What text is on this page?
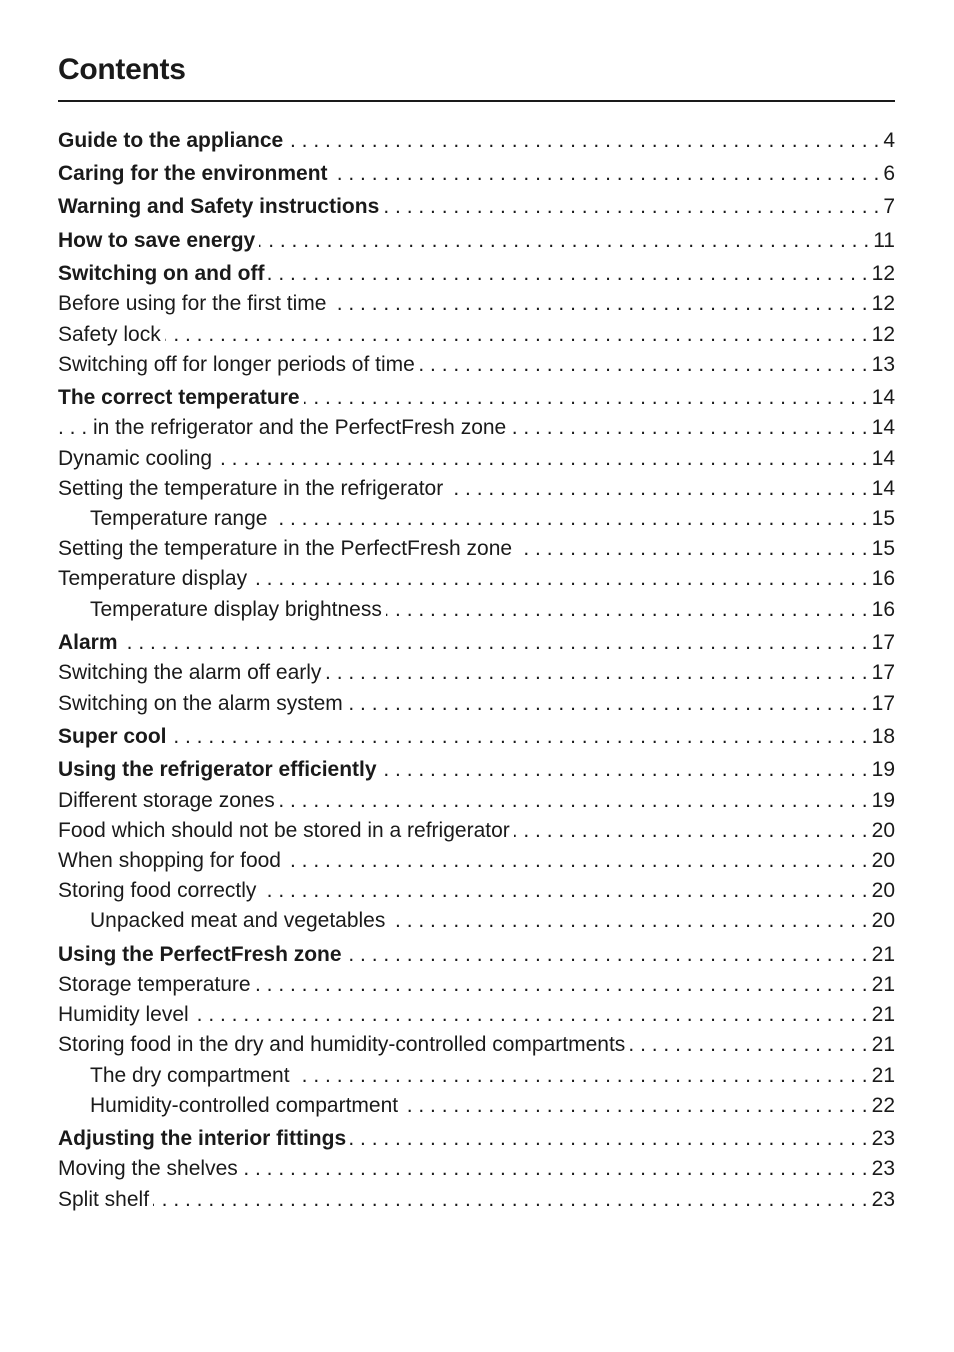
Contents
Guide to the appliance . . .	4
Caring for the environment . . .	6
Warning and Safety instructions . . .	7
How to save energy . . .	11
Switching on and off . . .	12
Before using for the first time . . .	12
Safety lock . . .	12
Switching off for longer periods of time . . .	13
The correct temperature . . .	14
. . . in the refrigerator and the PerfectFresh zone . . .	14
Dynamic cooling . . .	14
Setting the temperature in the refrigerator . . .	14
Temperature range . . .	15
Setting the temperature in the PerfectFresh zone . . .	15
Temperature display . . .	16
Temperature display brightness . . .	16
Alarm . . .	17
Switching the alarm off early . . .	17
Switching on the alarm system . . .	17
Super cool . . .	18
Using the refrigerator efficiently . . .	19
Different storage zones . . .	19
Food which should not be stored in a refrigerator . . .	20
When shopping for food . . .	20
Storing food correctly . . .	20
Unpacked meat and vegetables . . .	20
Using the PerfectFresh zone . . .	21
Storage temperature . . .	21
Humidity level . . .	21
Storing food in the dry and humidity-controlled compartments . . .	21
The dry compartment . . .	21
Humidity-controlled compartment . . .	22
Adjusting the interior fittings . . .	23
Moving the shelves . . .	23
Split shelf . . .	23
